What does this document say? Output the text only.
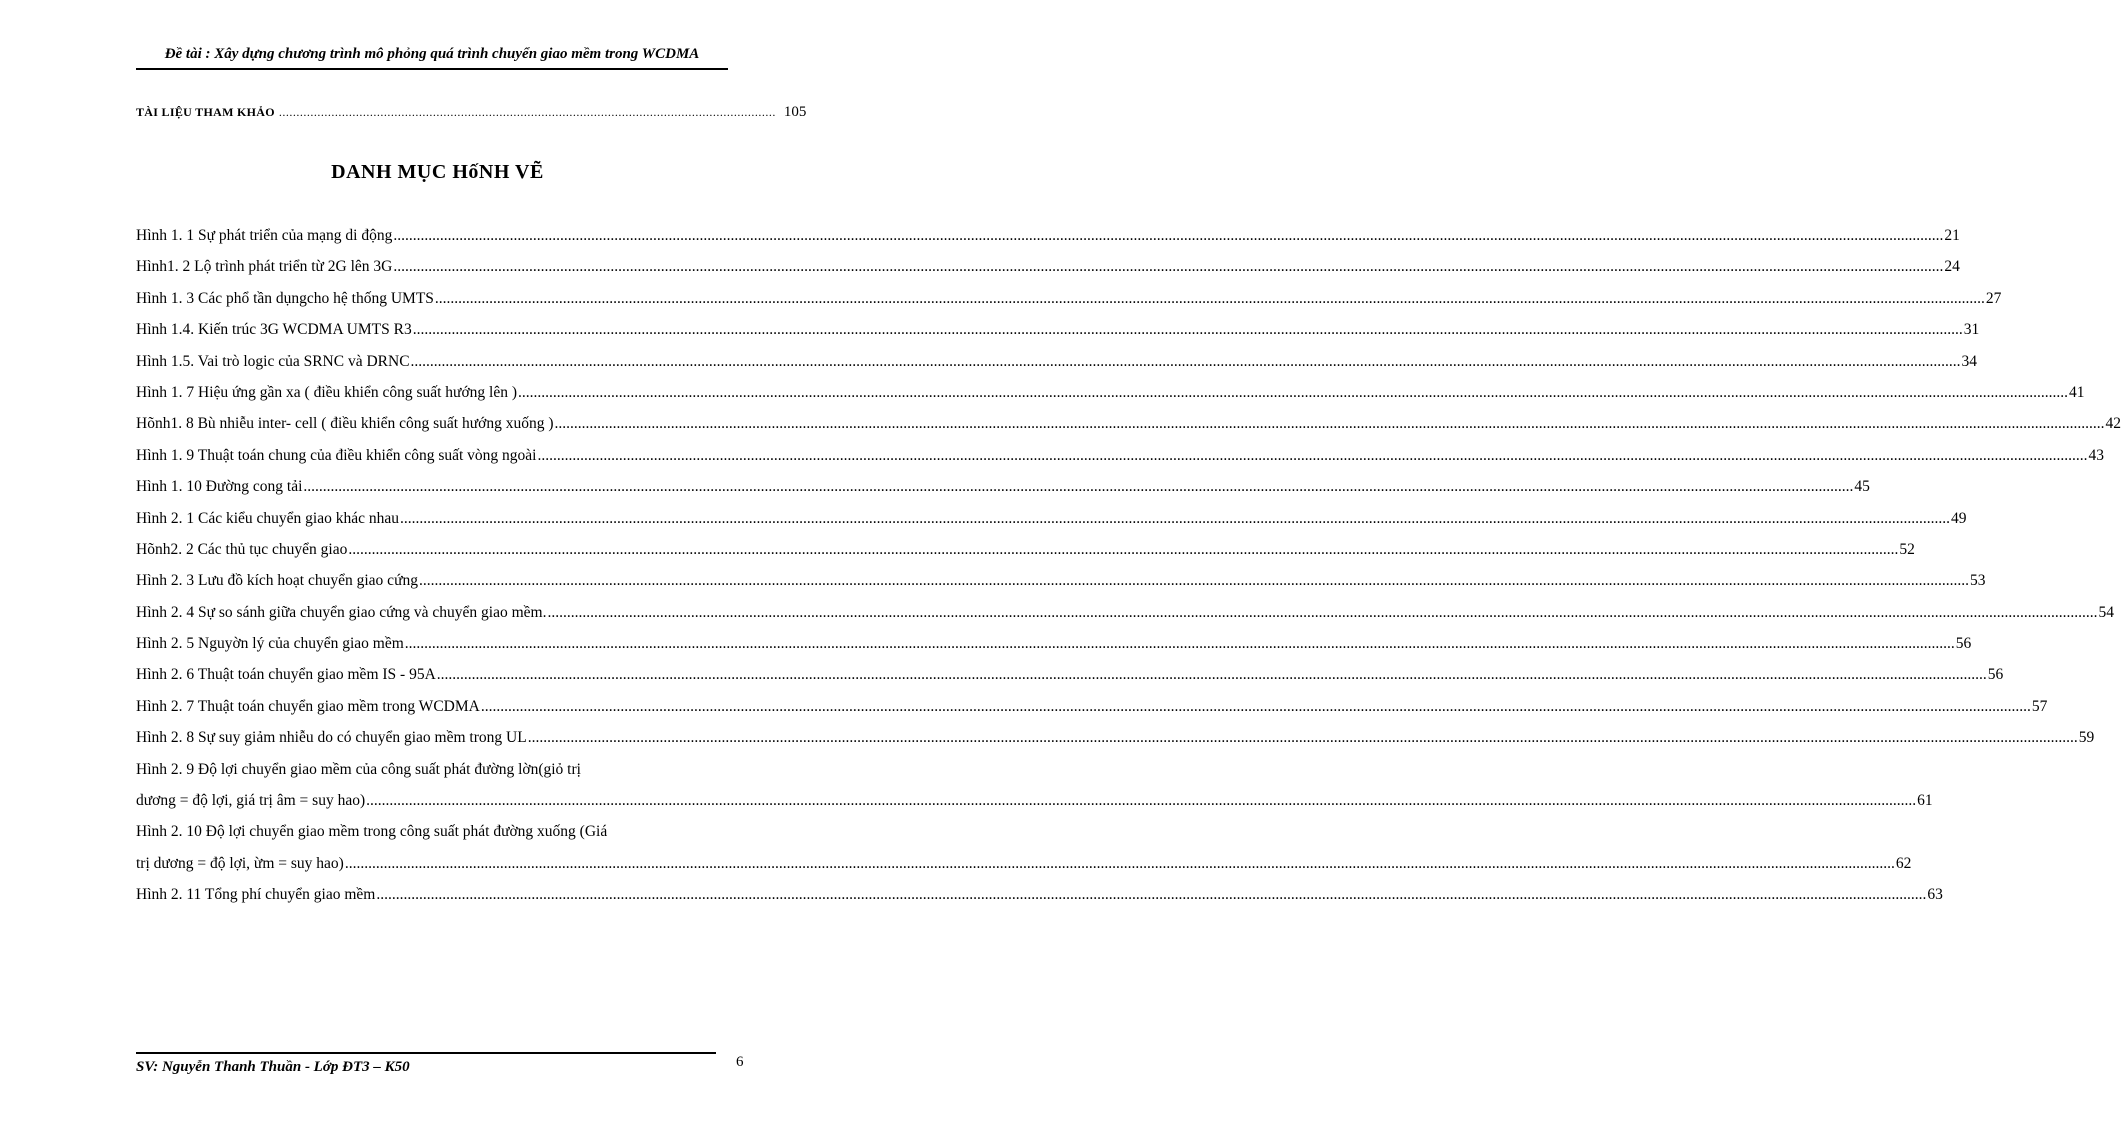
Đề tài : Xây dựng chương trình mô phỏng quá trình chuyển giao mềm trong WCDMA
TÀI LIỆU THAM KHẢO .............................................................................................................................................. 105
DANH MỤC HốNH VẼ
Hình 1. 1 Sự phát triển của mạng di động ................................................................................................................................................................................................................................................................................................................................................................................................................ 21
Hình1. 2 Lộ trình phát triển từ 2G lên 3G ................................................................................................................................................................................................................................................................................................................................................................................................................ 24
Hình 1. 3 Các phổ tần dụngcho hệ thống UMTS ................................................................................................................................................................................................................................................................................................................................................................................................................ 27
Hình 1.4. Kiến trúc 3G WCDMA UMTS R3 ................................................................................................................................................................................................................................................................................................................................................................................................................ 31
Hình 1.5. Vai trò logic của SRNC và DRNC ................................................................................................................................................................................................................................................................................................................................................................................................................ 34
Hình 1. 7 Hiệu ứng gần xa ( điều khiển công suất hướng lên ) ................................................................................................................................................................................................................................................................................................................................................................................................................ 41
Hõnh1. 8 Bù nhiễu inter- cell ( điều khiển công suất hướng xuống ) ................................................................................................................................................................................................................................................................................................................................................................................................................ 42
Hình 1. 9 Thuật toán chung của điều khiển công suất vòng ngoài ................................................................................................................................................................................................................................................................................................................................................................................................................ 43
Hình 1. 10 Đường cong tải ................................................................................................................................................................................................................................................................................................................................................................................................................ 45
Hình 2. 1 Các kiểu chuyển giao khác nhau ................................................................................................................................................................................................................................................................................................................................................................................................................ 49
Hõnh2. 2 Các thủ tục chuyển giao ................................................................................................................................................................................................................................................................................................................................................................................................................ 52
Hình 2. 3 Lưu đồ kích hoạt chuyển giao cứng ................................................................................................................................................................................................................................................................................................................................................................................................................ 53
Hình 2. 4 Sự so sánh giữa chuyển giao cứng và chuyển giao mềm. ................................................................................................................................................................................................................................................................................................................................................................................................................ 54
Hình 2. 5 Nguyờn lý của chuyển giao mềm ................................................................................................................................................................................................................................................................................................................................................................................................................ 56
Hình 2. 6 Thuật toán chuyển giao mềm IS - 95A ................................................................................................................................................................................................................................................................................................................................................................................................................ 56
Hình 2. 7 Thuật toán chuyển giao mềm trong WCDMA ................................................................................................................................................................................................................................................................................................................................................................................................................ 57
Hình 2. 8 Sự suy giảm nhiễu do có chuyển giao mềm trong UL ................................................................................................................................................................................................................................................................................................................................................................................................................ 59
Hình 2. 9 Độ lợi chuyển giao mềm của công suất phát đường lờn(giỏ trị
dương = độ lợi, giá trị âm = suy hao) ................................................................................................................................................................................................................................................................................................................................................................................................................ 61
Hình 2. 10 Độ lợi chuyển giao mềm trong công suất phát đường xuống (Giá
trị dương = độ lợi, ừm = suy hao) ................................................................................................................................................................................................................................................................................................................................................................................................................ 62
Hình 2. 11 Tổng phí chuyển giao mềm ................................................................................................................................................................................................................................................................................................................................................................................................................ 63
SV: Nguyễn Thanh Thuần - Lớp ĐT3 – K50	6
